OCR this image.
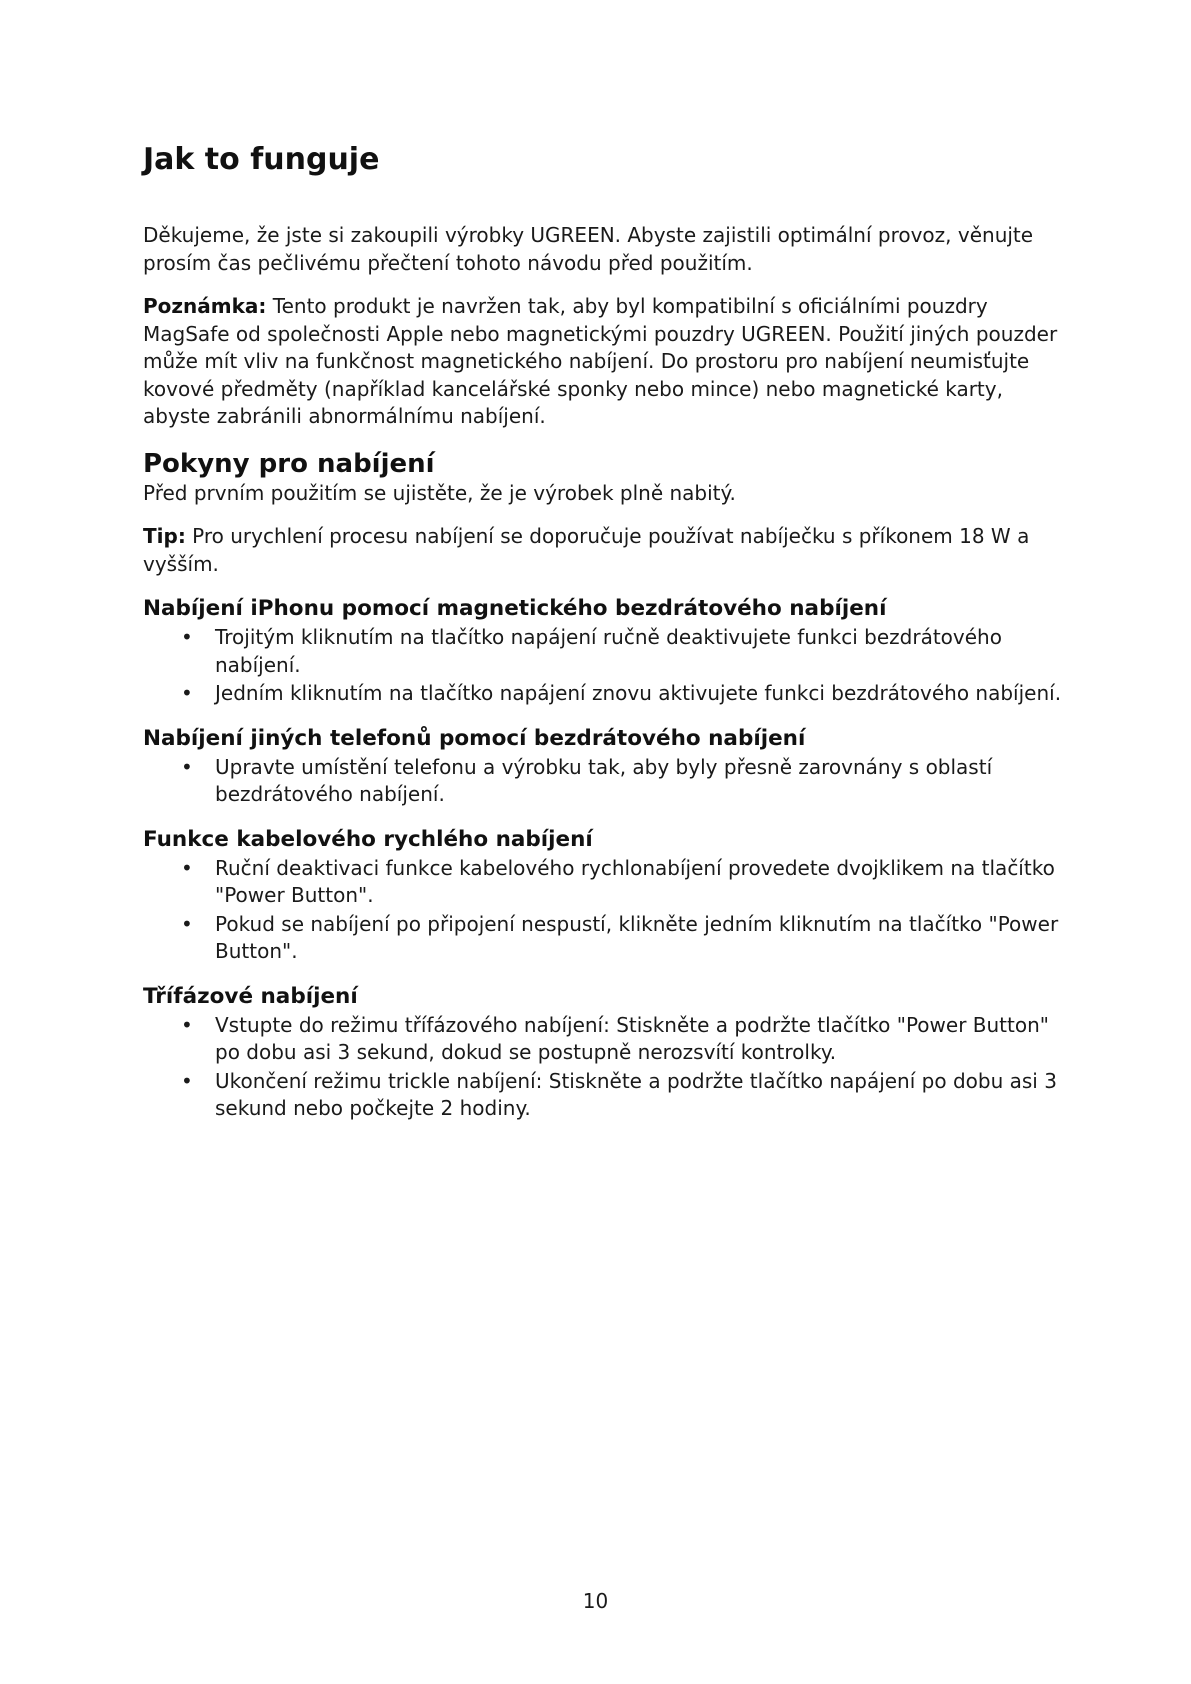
Jak to funguje

Děkujeme, že jste si zakoupili výrobky UGREEN. Abyste zajistili optimální provoz, věnujte prosím čas pečlivému přečtení tohoto návodu před použitím.

Poznámka: Tento produkt je navržen tak, aby byl kompatibilní s oficiálními pouzdry MagSafe od společnosti Apple nebo magnetickými pouzdry UGREEN. Použití jiných pouzder může mít vliv na funkčnost magnetického nabíjení. Do prostoru pro nabíjení neumisťujte kovové předměty (například kancelářské sponky nebo mince) nebo magnetické karty, abyste zabránili abnormálnímu nabíjení.

Pokyny pro nabíjení

Před prvním použitím se ujistěte, že je výrobek plně nabitý.

Tip: Pro urychlení procesu nabíjení se doporučuje používat nabíječku s příkonem 18 W a vyšším.

Nabíjení iPhonu pomocí magnetického bezdrátového nabíjení
• Trojitým kliknutím na tlačítko napájení ručně deaktivujete funkci bezdrátového nabíjení.
• Jedním kliknutím na tlačítko napájení znovu aktivujete funkci bezdrátového nabíjení.
Nabíjení jiných telefonů pomocí bezdrátového nabíjení
• Upravte umístění telefonu a výrobku tak, aby byly přesně zarovnány s oblastí bezdrátového nabíjení.
Funkce kabelového rychlého nabíjení
• Ruční deaktivaci funkce kabelového rychlonabíjení provedete dvojklikem na tlačítko "Power Button".
• Pokud se nabíjení po připojení nespustí, klikněte jedním kliknutím na tlačítko "Power Button".
Třífázové nabíjení
• Vstupte do režimu třífázového nabíjení: Stiskněte a podržte tlačítko "Power Button" po dobu asi 3 sekund, dokud se postupně nerozsvítí kontrolky.
• Ukončení režimu trickle nabíjení: Stiskněte a podržte tlačítko napájení po dobu asi 3 sekund nebo počkejte 2 hodiny.
10
